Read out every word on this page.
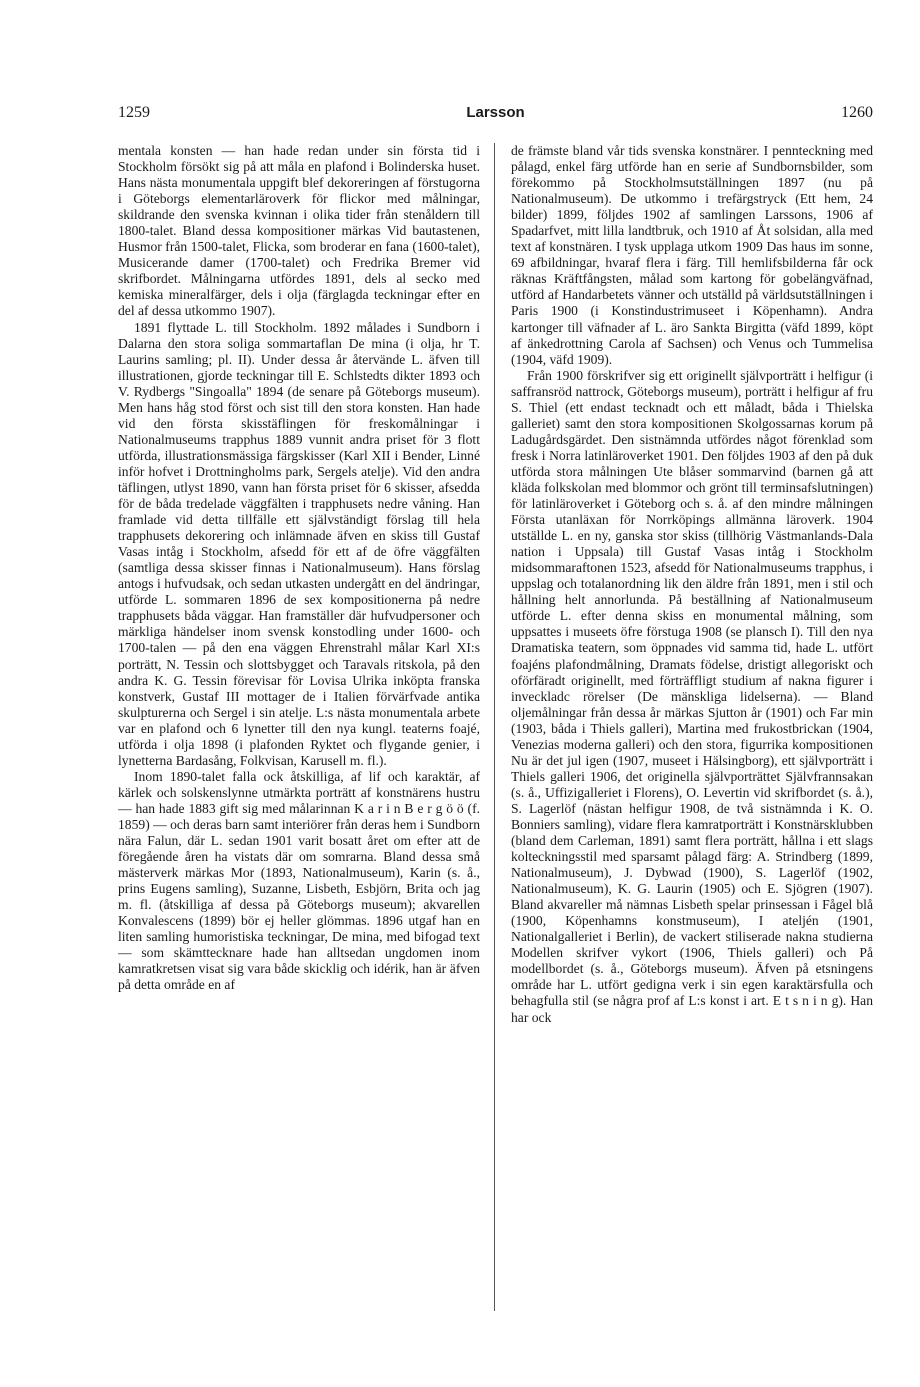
1259	Larsson	1260

mentala konsten — han hade redan under sin första tid i Stockholm försökt sig på att måla en plafond i Bolinderska huset. Hans nästa monumentala uppgift blef dekoreringen af förstugorna i Göteborgs elementarläroverk för flickor med målningar, skildrande den svenska kvinnan i olika tider från stenåldern till 1800-talet. Bland dessa kompositioner märkas Vid bautastenen, Husmor från 1500-talet, Flicka, som broderar en fana (1600-talet), Musicerande damer (1700-talet) och Fredrika Bremer vid skrifbordet. Målningarna utfördes 1891, dels al secko med kemiska mineralfärger, dels i olja (färglagda teckningar efter en del af dessa utkommo 1907).

1891 flyttade L. till Stockholm. 1892 målades i Sundborn i Dalarna den stora soliga sommartaflan De mina (i olja, hr T. Laurins samling; pl. II). Under dessa år återvände L. äfven till illustrationen, gjorde teckningar till E. Schlstedts dikter 1893 och V. Rydbergs "Singoalla" 1894 (de senare på Göteborgs museum). Men hans håg stod först och sist till den stora konsten. Han hade vid den första skisstäflingen för freskomålningar i Nationalmuseums trapphus 1889 vunnit andra priset för 3 flott utförda, illustrationsmässiga färgskisser (Karl XII i Bender, Linné inför hofvet i Drottningholms park, Sergels atelje). Vid den andra täflingen, utlyst 1890, vann han första priset för 6 skisser, afsedda för de båda tredelade väggfälten i trapphusets nedre våning. Han framlade vid detta tillfälle ett självständigt förslag till hela trapphusets dekorering och inlämnade äfven en skiss till Gustaf Vasas intåg i Stockholm, afsedd för ett af de öfre väggfälten (samtliga dessa skisser finnas i Nationalmuseum). Hans förslag antogs i hufvudsak, och sedan utkasten undergått en del ändringar, utförde L. sommaren 1896 de sex kompositionerna på nedre trapphusets båda väggar. Han framställer där hufvudpersoner och märkliga händelser inom svensk konstodling under 1600- och 1700-talen — på den ena väggen Ehrenstrahl målar Karl XI:s porträtt, N. Tessin och slottsbygget och Taravals ritskola, på den andra K. G. Tessin förevisar för Lovisa Ulrika inköpta franska konstverk, Gustaf III mottager de i Italien förvärfvade antika skulpturerna och Sergel i sin atelje. L:s nästa monumentala arbete var en plafond och 6 lynetter till den nya kungl. teaterns foajé, utförda i olja 1898 (i plafonden Ryktet och flygande genier, i lynetterna Bardasång, Folkvisan, Karusell m. fl.).

Inom 1890-talet falla ock åtskilliga, af lif och karaktär, af kärlek och solskenslynne utmärkta porträtt af konstnärens hustru — han hade 1883 gift sig med målarinnan K a r i n B e r g ö ö (f. 1859) — och deras barn samt interiörer från deras hem i Sundborn nära Falun, där L. sedan 1901 varit bosatt året om efter att de föregående åren ha vistats där om somrarna. Bland dessa små mästerverk märkas Mor (1893, Nationalmuseum), Karin (s. å., prins Eugens samling), Suzanne, Lisbeth, Esbjörn, Brita och jag m. fl. (åtskilliga af dessa på Göteborgs museum); akvarellen Konvalescens (1899) bör ej heller glömmas. 1896 utgaf han en liten samling humoristiska teckningar, De mina, med bifogad text — som skämttecknare hade han alltsedan ungdomen inom kamratkretsen visat sig vara både skicklig och idérik, han är äfven på detta område en af

de främste bland vår tids svenska konstnärer. I pennteckning med pålagd, enkel färg utförde han en serie af Sundbornsbilder, som förekommo på Stockholmsutställningen 1897 (nu på Nationalmuseum). De utkommo i trefärgstryck (Ett hem, 24 bilder) 1899, följdes 1902 af samlingen Larssons, 1906 af Spadarfvet, mitt lilla landtbruk, och 1910 af Åt solsidan, alla med text af konstnären. I tysk upplaga utkom 1909 Das haus im sonne, 69 afbildningar, hvaraf flera i färg. Till hemlifsbilderna får ock räknas Kräftfångsten, målad som kartong för gobelängväfnad, utförd af Handarbetets vänner och utställd på världsutställningen i Paris 1900 (i Konstindustrimuseet i Köpenhamn). Andra kartonger till väfnader af L. äro Sankta Birgitta (väfd 1899, köpt af änkedrottning Carola af Sachsen) och Venus och Tummelisa (1904, väfd 1909).

Från 1900 förskrifver sig ett originellt självporträtt i helfigur (i saffransröd nattrock, Göteborgs museum), porträtt i helfigur af fru S. Thiel (ett endast tecknadt och ett måladt, båda i Thielska galleriet) samt den stora kompositionen Skolgossarnas korum på Ladugårdsgärdet. Den sistnämnda utfördes något förenklad som fresk i Norra latinläroverket 1901. Den följdes 1903 af den på duk utförda stora målningen Ute blåser sommarvind (barnen gå att kläda folkskolan med blommor och grönt till terminsafslutningen) för latinläroverket i Göteborg och s. å. af den mindre målningen Första utanläxan för Norrköpings allmänna läroverk. 1904 utställde L. en ny, ganska stor skiss (tillhörig Västmanlands-Dala nation i Uppsala) till Gustaf Vasas intåg i Stockholm midsommaraftonen 1523, afsedd för Nationalmuseums trapphus, i uppslag och totalanordning lik den äldre från 1891, men i stil och hållning helt annorlunda. På beställning af Nationalmuseum utförde L. efter denna skiss en monumental målning, som uppsattes i museets öfre förstuga 1908 (se plansch I). Till den nya Dramatiska teatern, som öppnades vid samma tid, hade L. utfört foajéns plafondmålning, Dramats födelse, dristigt allegoriskt och oförfäradt originellt, med förträffligt studium af nakna figurer i inveckladc rörelser (De mänskliga lidelserna). — Bland oljemålningar från dessa år märkas Sjutton år (1901) och Far min (1903, båda i Thiels galleri), Martina med frukostbrickan (1904, Venezias moderna galleri) och den stora, figurrika kompositionen Nu är det jul igen (1907, museet i Hälsingborg), ett självporträtt i Thiels galleri 1906, det originella självporträttet Självfrannsakan (s. å., Uffizigalleriet i Florens), O. Levertin vid skrifbordet (s. å.), S. Lagerlöf (nästan helfigur 1908, de två sistnämnda i K. O. Bonniers samling), vidare flera kamratporträtt i Konstnärsklubben (bland dem Carleman, 1891) samt flera porträtt, hållna i ett slags kolteckningsstil med sparsamt pålagd färg: A. Strindberg (1899, Nationalmuseum), J. Dybwad (1900), S. Lagerlöf (1902, Nationalmuseum), K. G. Laurin (1905) och E. Sjögren (1907). Bland akvareller må nämnas Lisbeth spelar prinsessan i Fågel blå (1900, Köpenhamns konstmuseum), I ateljén (1901, Nationalgalleriet i Berlin), de vackert stiliserade nakna studierna Modellen skrifver vykort (1906, Thiels galleri) och På modellbordet (s. å., Göteborgs museum). Äfven på etsningens område har L. utfört gedigna verk i sin egen karaktärsfulla och behagfulla stil (se några prof af L:s konst i art. E t s n i n g). Han har ock
